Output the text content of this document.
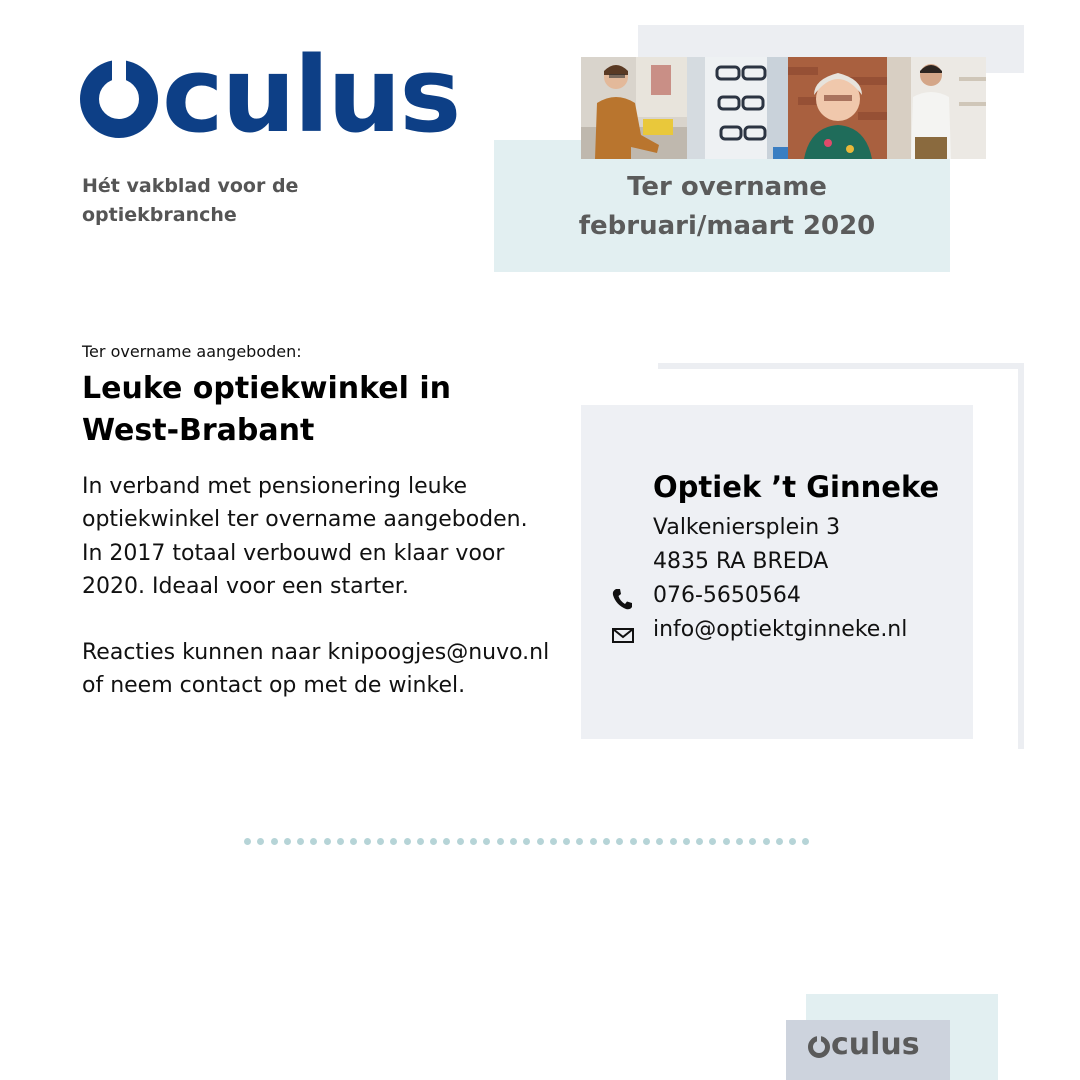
culus
Hét vakblad voor de optiekbranche
Ter overname
februari/maart 2020
Ter overname aangeboden:
Leuke optiekwinkel in
West-Brabant

In verband met pensionering leuke optiekwinkel ter overname aangeboden. In 2017 totaal verbouwd en klaar voor 2020. Ideaal voor een starter.

Reacties kunnen naar knipoogjes@nuvo.nl of neem contact op met de winkel.

Optiek ’t Ginneke
Valkeniersplein 3
4835 RA BREDA
076-5650564
info@optiektginneke.nl
culus
